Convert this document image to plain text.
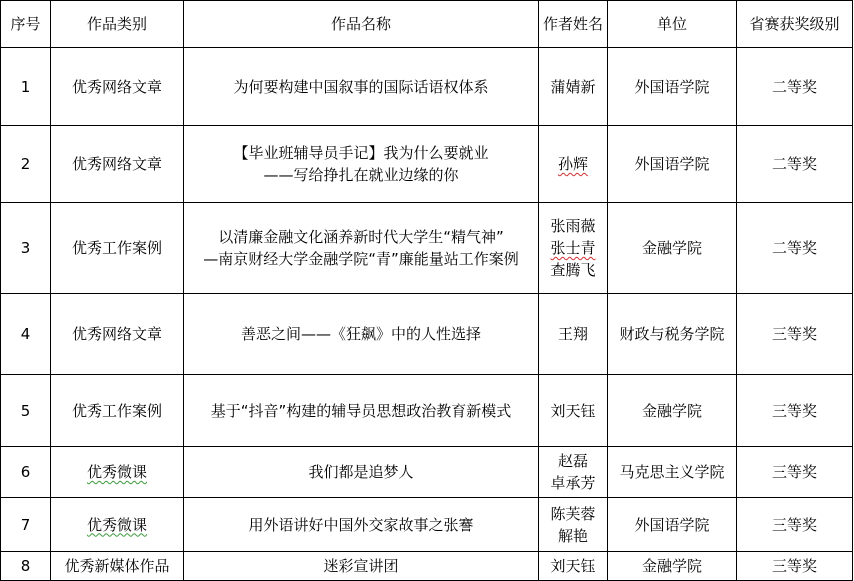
序号	作品类别	作品名称	作者姓名	单位	省赛获奖级别
1	优秀网络文章	为何要构建中国叙事的国际话语权体系	蒲婧新	外国语学院	二等奖
2	优秀网络文章	【毕业班辅导员手记】我为什么要就业
——写给挣扎在就业边缘的你	孙辉	外国语学院	二等奖
3	优秀工作案例	以清廉金融文化涵养新时代大学生“精气神”
—南京财经大学金融学院“青”廉能量站工作案例	张雨薇
张士青
查腾飞	金融学院	二等奖
4	优秀网络文章	善恶之间——《狂飙》中的人性选择	王翔	财政与税务学院	三等奖
5	优秀工作案例	基于“抖音”构建的辅导员思想政治教育新模式	刘天钰	金融学院	三等奖
6	优秀微课	我们都是追梦人	赵磊
卓承芳	马克思主义学院	三等奖
7	优秀微课	用外语讲好中国外交家故事之张謇	陈芙蓉
解艳	外国语学院	三等奖
8	优秀新媒体作品	迷彩宣讲团	刘天钰	金融学院	三等奖
